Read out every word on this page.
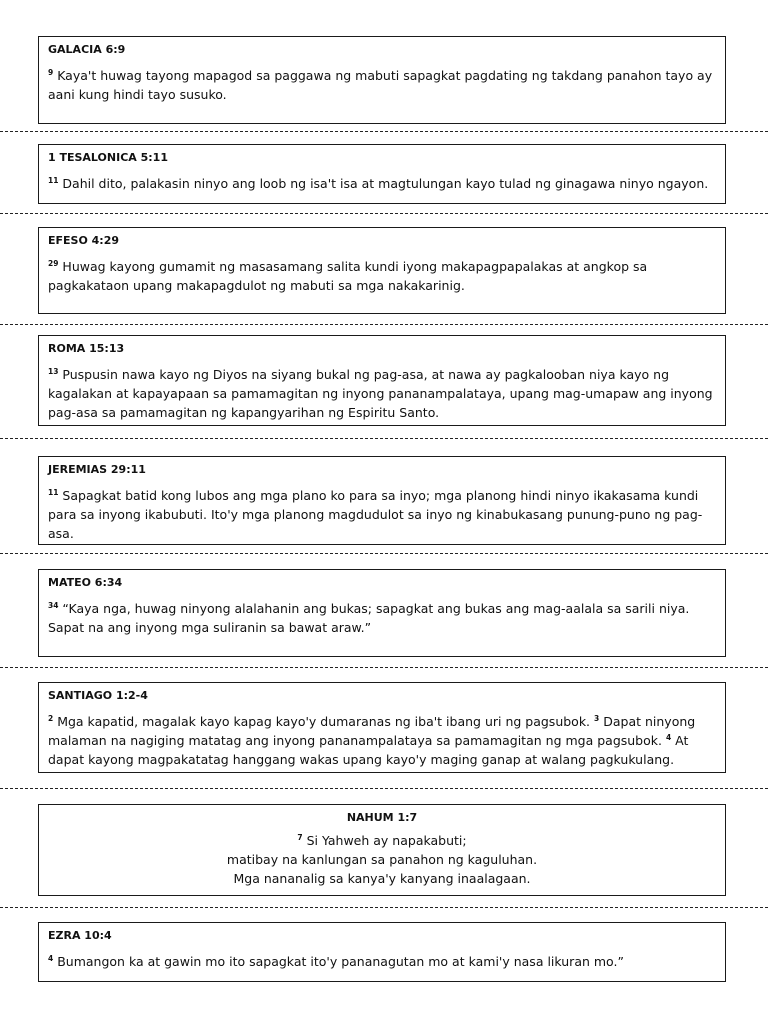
GALACIA 6:9
$^9$ Kaya't huwag tayong mapagod sa paggawa ng mabuti sapagkat pagdating ng takdang panahon tayo ay aani kung hindi tayo susuko.
1 TESALONICA 5:11
$^{11}$ Dahil dito, palakasin ninyo ang loob ng isa't isa at magtulungan kayo tulad ng ginagawa ninyo ngayon.
EFESO 4:29
$^{29}$ Huwag kayong gumamit ng masasamang salita kundi iyong makapagpapalakas at angkop sa pagkakataon upang makapagdulot ng mabuti sa mga nakakarinig.
ROMA 15:13
$^{13}$ Puspusin nawa kayo ng Diyos na siyang bukal ng pag-asa, at nawa ay pagkalooban niya kayo ng kagalakan at kapayapaan sa pamamagitan ng inyong pananampalataya, upang mag-umapaw ang inyong pag-asa sa pamamagitan ng kapangyarihan ng Espiritu Santo.
JEREMIAS 29:11
$^{11}$ Sapagkat batid kong lubos ang mga plano ko para sa inyo; mga planong hindi ninyo ikakasama kundi para sa inyong ikabubuti. Ito'y mga planong magdudulot sa inyo ng kinabukasang punung-puno ng pag-asa.
MATEO 6:34
$^{34}$ “Kaya nga, huwag ninyong alalahanin ang bukas; sapagkat ang bukas ang mag-aalala sa sarili niya. Sapat na ang inyong mga suliranin sa bawat araw.”
SANTIAGO 1:2-4
$^2$ Mga kapatid, magalak kayo kapag kayo'y dumaranas ng iba't ibang uri ng pagsubok. $^3$ Dapat ninyong malaman na nagiging matatag ang inyong pananampalataya sa pamamagitan ng mga pagsubok. $^4$ At dapat kayong magpakatatag hanggang wakas upang kayo'y maging ganap at walang pagkukulang.
NAHUM 1:7
$^7$ Si Yahweh ay napakabuti;
matibay na kanlungan sa panahon ng kaguluhan.
Mga nananalig sa kanya'y kanyang inaalagaan.
EZRA 10:4
$^4$ Bumangon ka at gawin mo ito sapagkat ito'y pananagutan mo at kami'y nasa likuran mo.”
